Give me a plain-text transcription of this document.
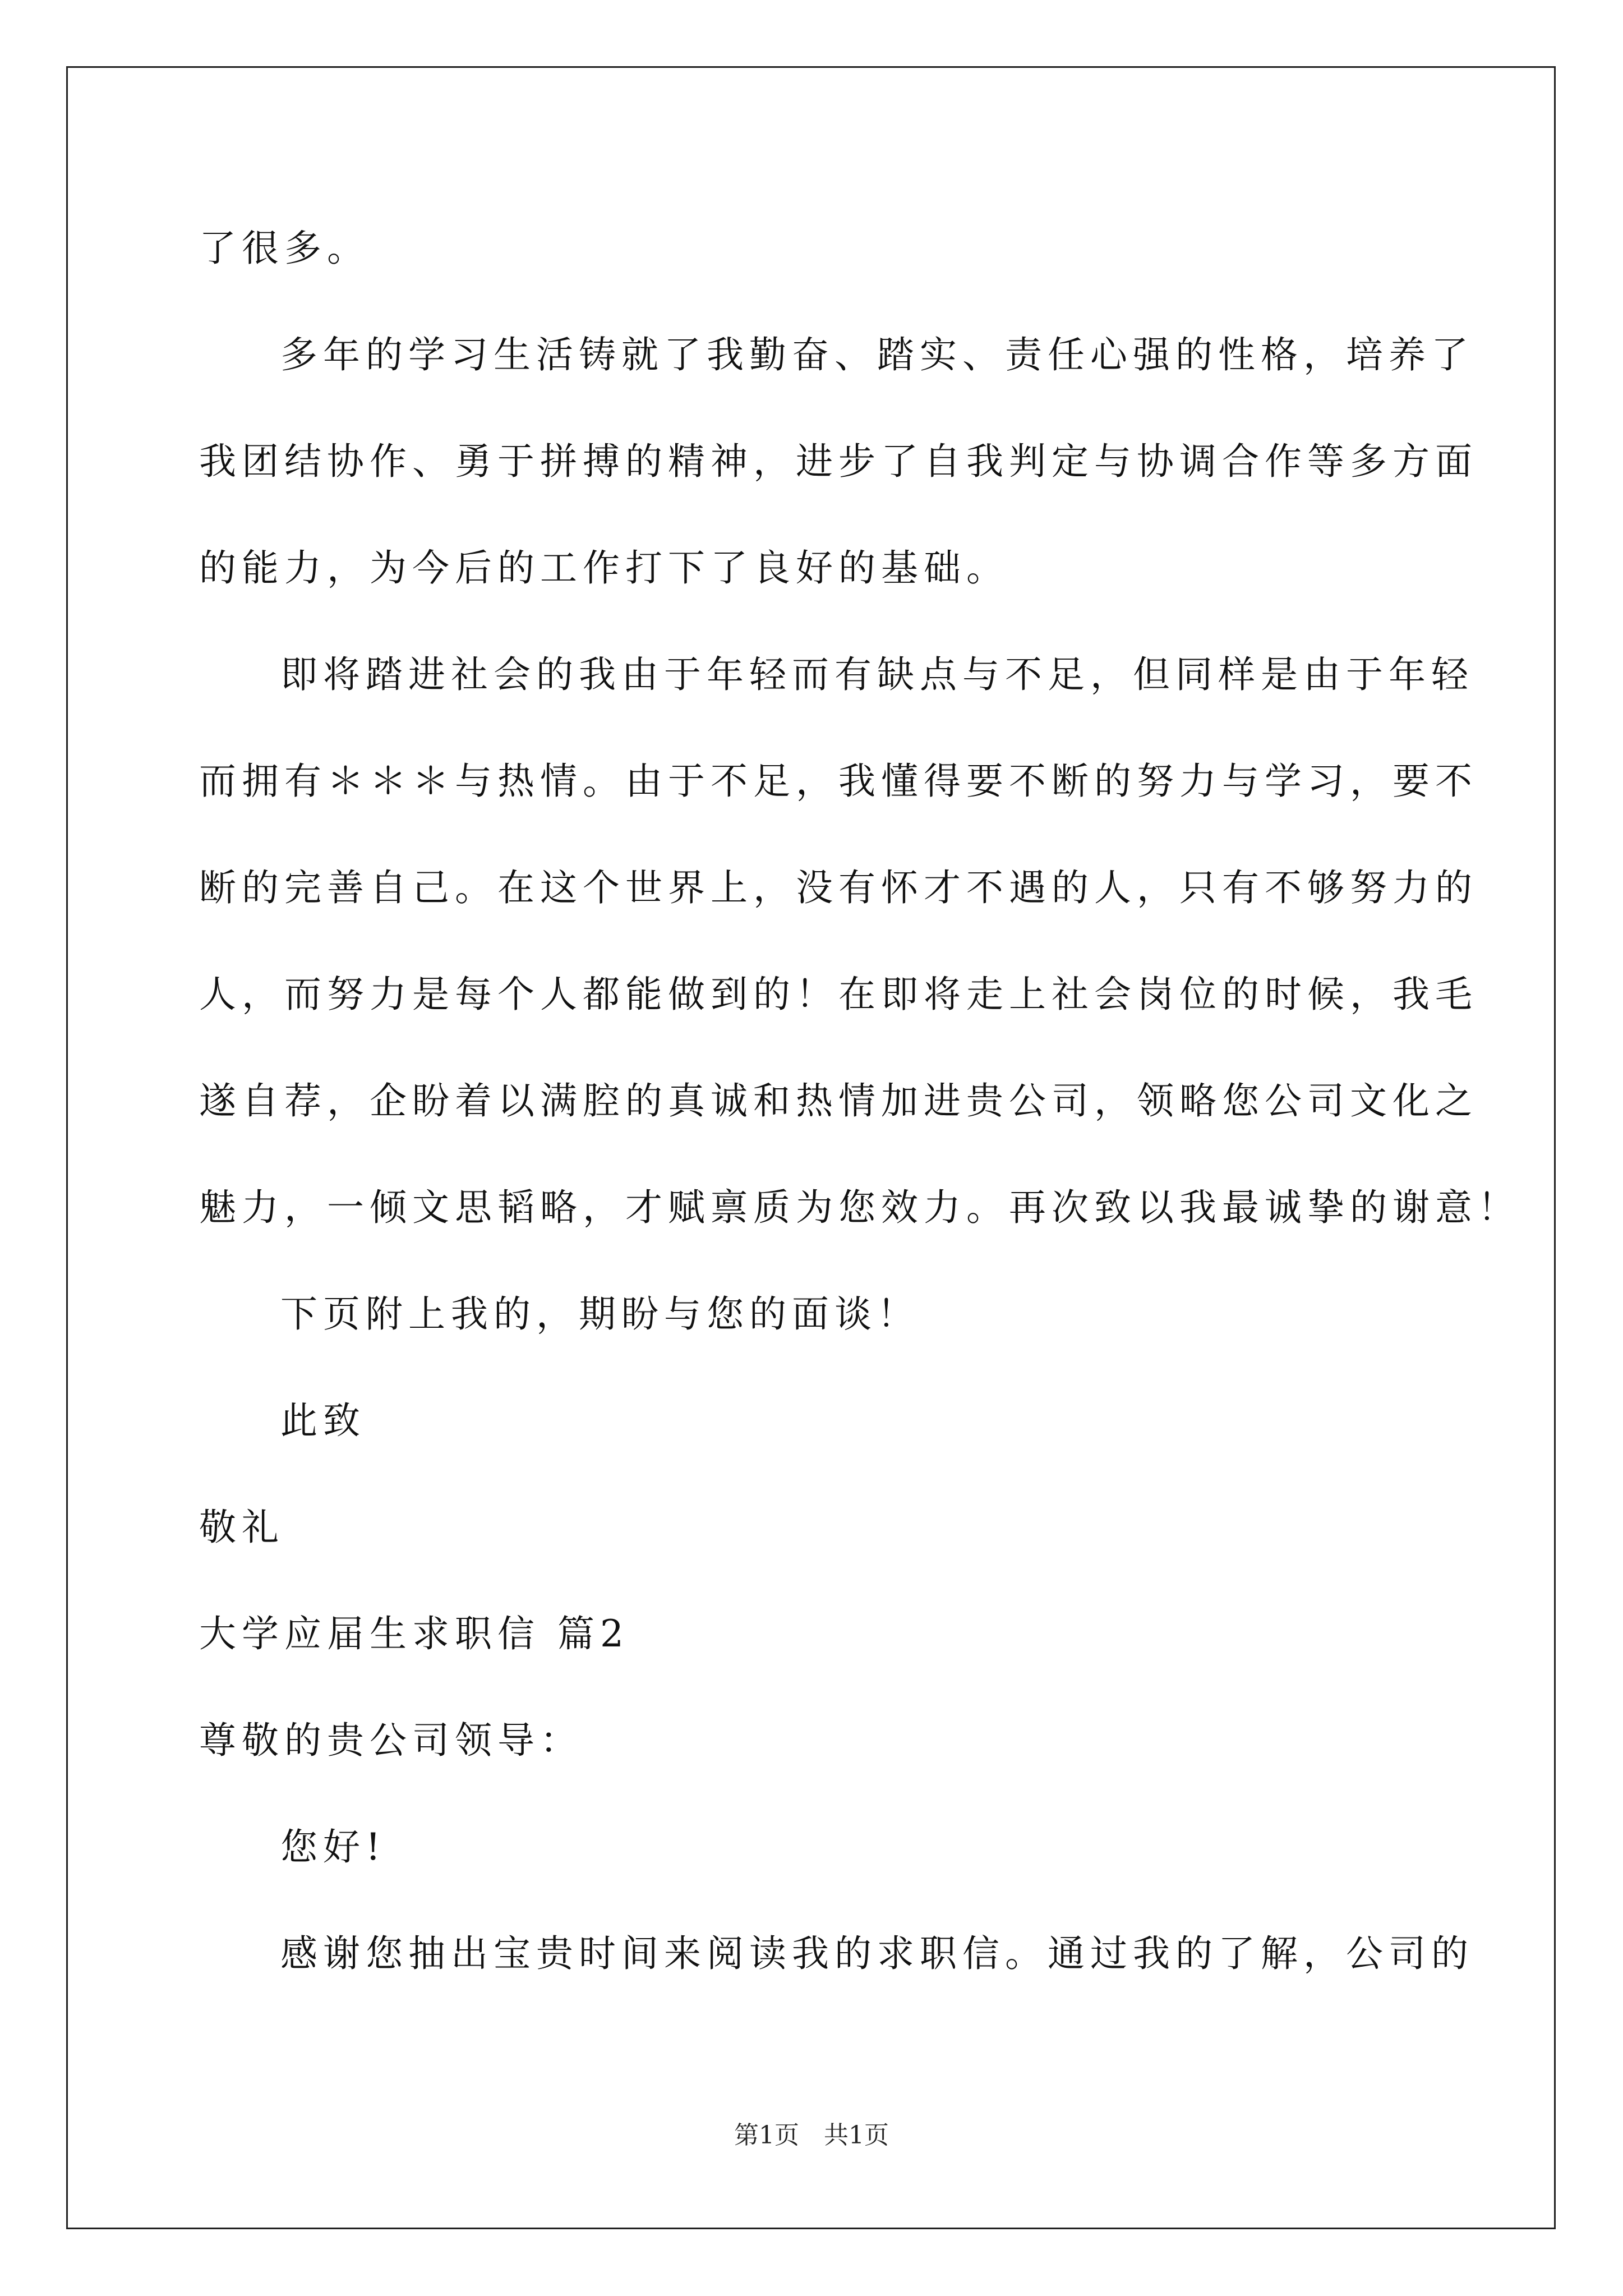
了很多。
多年的学习生活铸就了我勤奋、踏实、责任心强的性格，培养了
我团结协作、勇于拼搏的精神，进步了自我判定与协调合作等多方面
的能力，为今后的工作打下了良好的基础。
即将踏进社会的我由于年轻而有缺点与不足，但同样是由于年轻
而拥有＊＊＊与热情。由于不足，我懂得要不断的努力与学习，要不
断的完善自己。在这个世界上，没有怀才不遇的人，只有不够努力的
人，而努力是每个人都能做到的！在即将走上社会岗位的时候，我毛
遂自荐，企盼着以满腔的真诚和热情加进贵公司，领略您公司文化之
魅力，一倾文思韬略，才赋禀质为您效力。再次致以我最诚挚的谢意！
下页附上我的，期盼与您的面谈！
此致
敬礼
大学应届生求职信 篇2
尊敬的贵公司领导：
您好!
感谢您抽出宝贵时间来阅读我的求职信。通过我的了解，公司的
第1页　共1页
